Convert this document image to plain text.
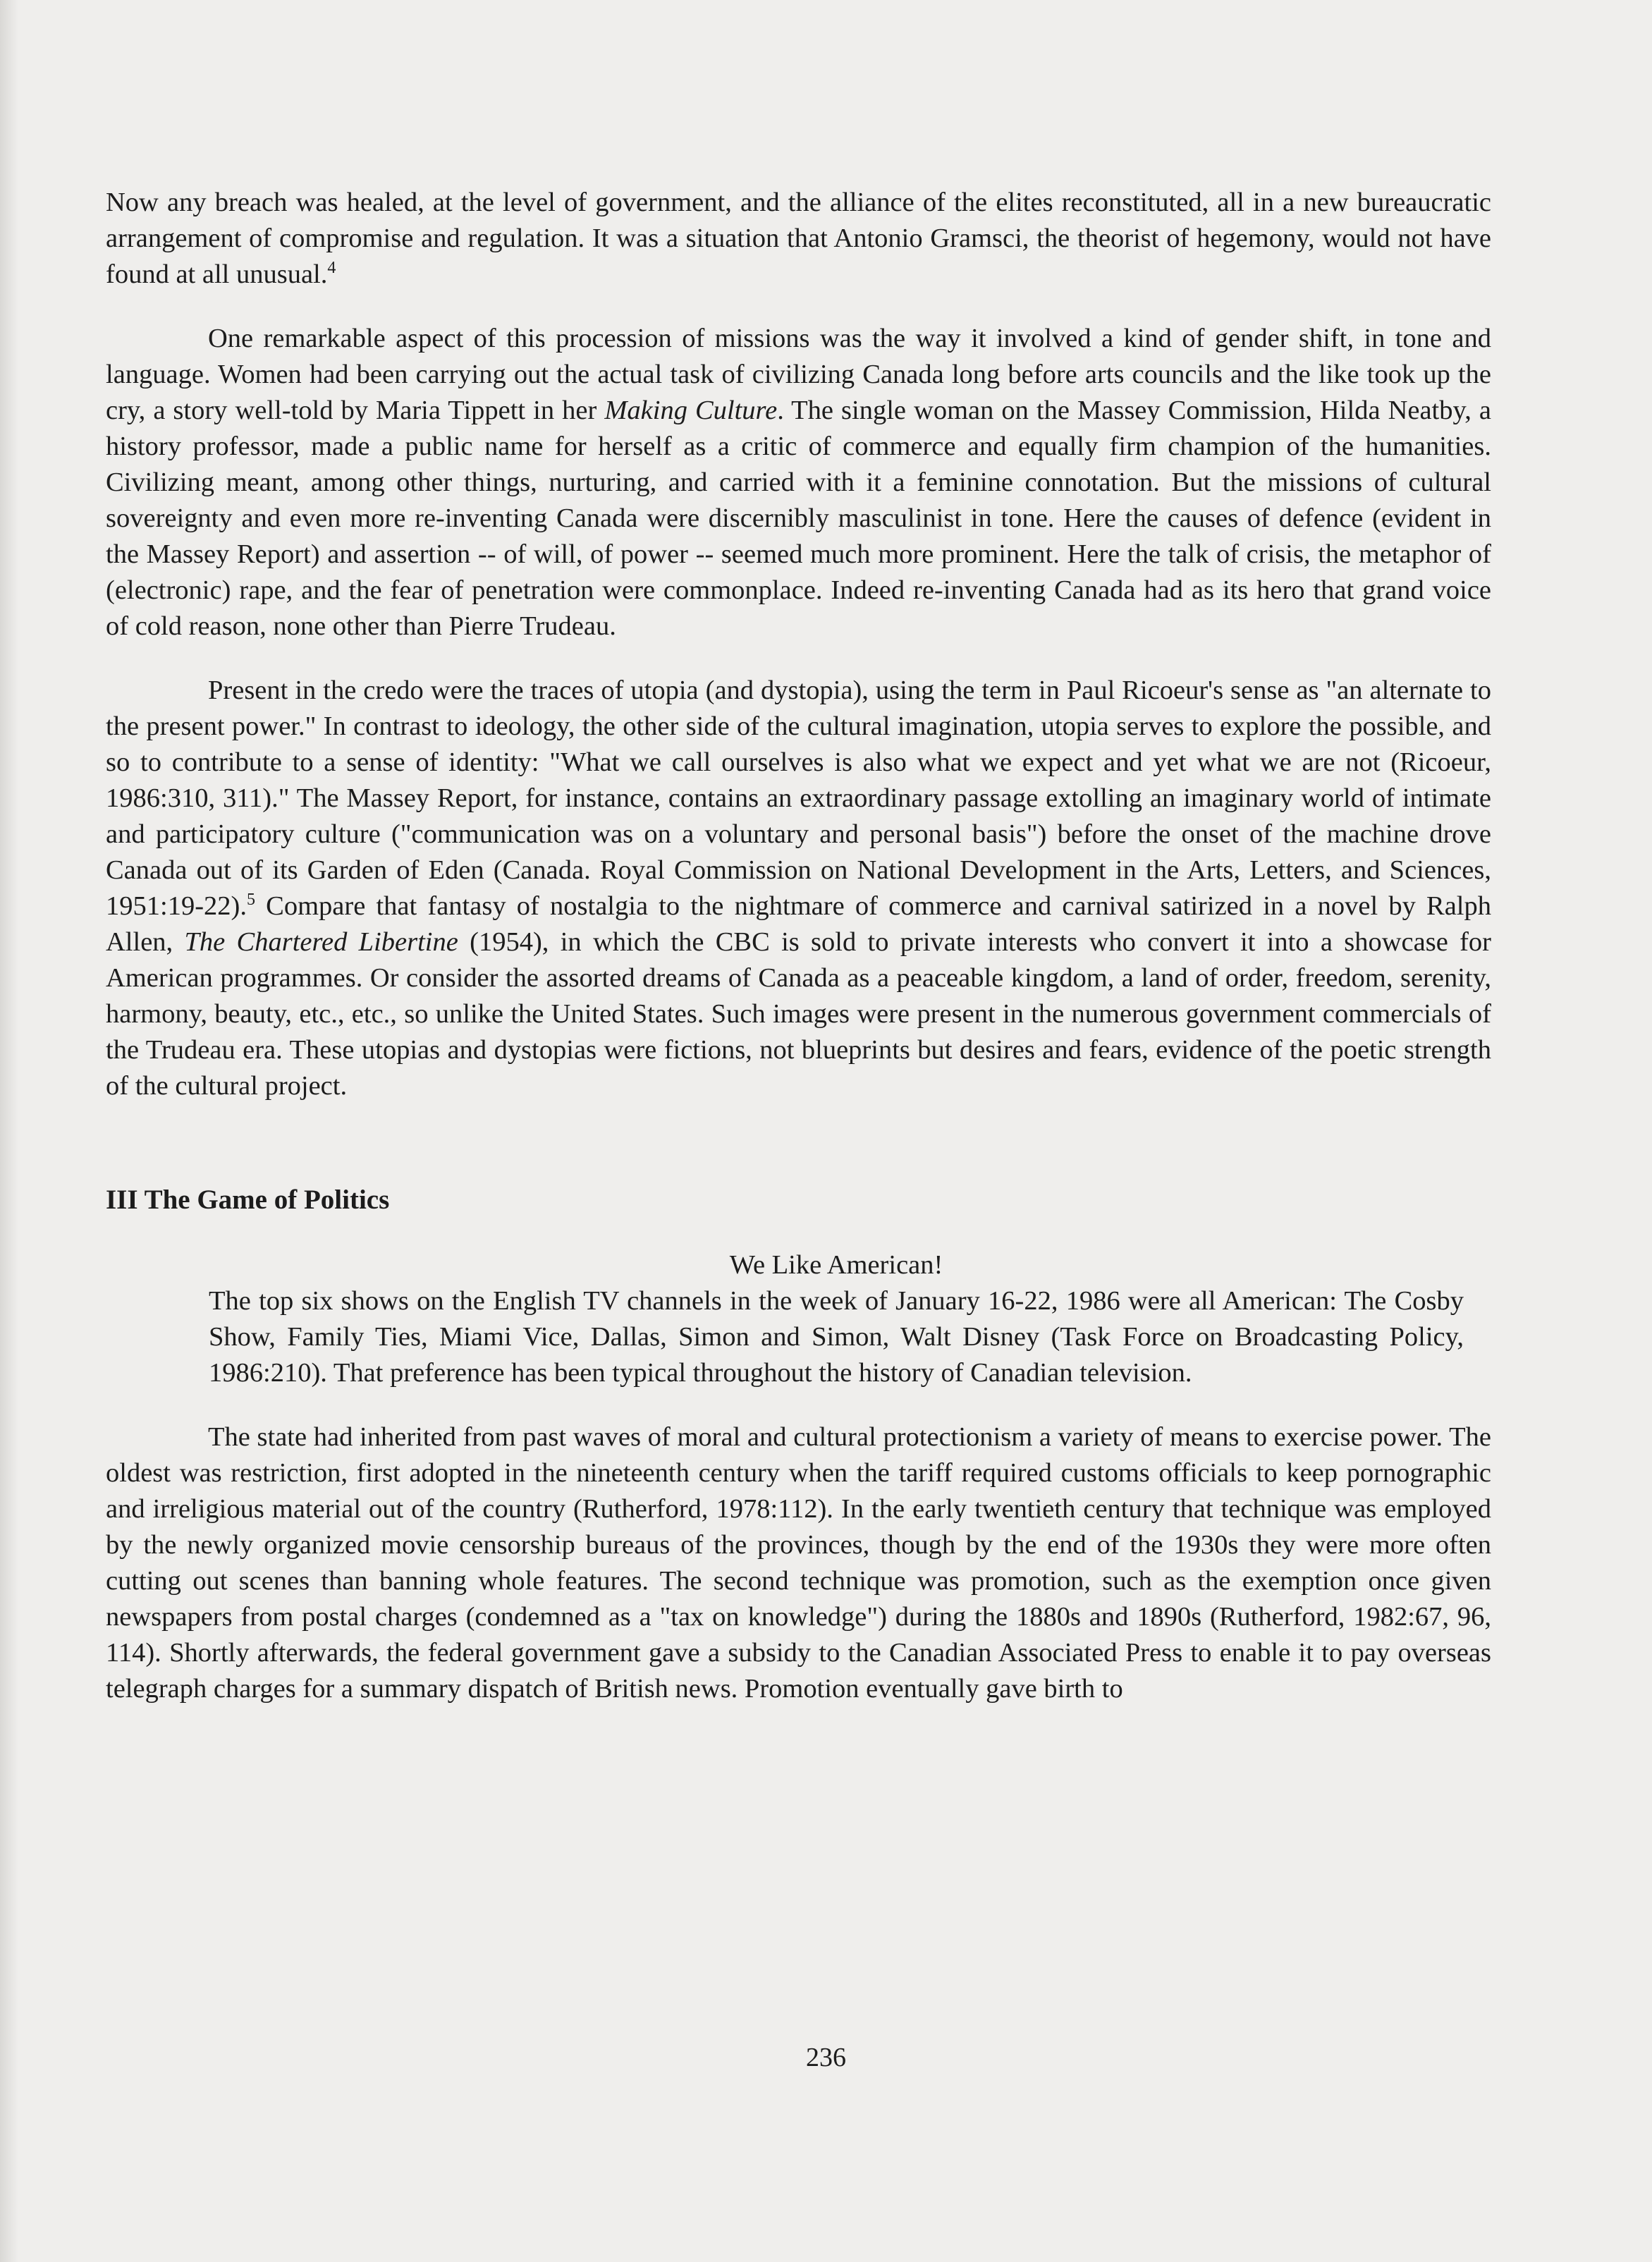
Now any breach was healed, at the level of government, and the alliance of the elites reconstituted, all in a new bureaucratic arrangement of compromise and regulation. It was a situation that Antonio Gramsci, the theorist of hegemony, would not have found at all unusual.$^4$

One remarkable aspect of this procession of missions was the way it involved a kind of gender shift, in tone and language. Women had been carrying out the actual task of civilizing Canada long before arts councils and the like took up the cry, a story well-told by Maria Tippett in her Making Culture. The single woman on the Massey Commission, Hilda Neatby, a history professor, made a public name for herself as a critic of commerce and equally firm champion of the humanities. Civilizing meant, among other things, nurturing, and carried with it a feminine connotation. But the missions of cultural sovereignty and even more re-inventing Canada were discernibly masculinist in tone. Here the causes of defence (evident in the Massey Report) and assertion -- of will, of power -- seemed much more prominent. Here the talk of crisis, the metaphor of (electronic) rape, and the fear of penetration were commonplace. Indeed re-inventing Canada had as its hero that grand voice of cold reason, none other than Pierre Trudeau.

Present in the credo were the traces of utopia (and dystopia), using the term in Paul Ricoeur's sense as "an alternate to the present power." In contrast to ideology, the other side of the cultural imagination, utopia serves to explore the possible, and so to contribute to a sense of identity: "What we call ourselves is also what we expect and yet what we are not (Ricoeur, 1986:310, 311)." The Massey Report, for instance, contains an extraordinary passage extolling an imaginary world of intimate and participatory culture ("communication was on a voluntary and personal basis") before the onset of the machine drove Canada out of its Garden of Eden (Canada. Royal Commission on National Development in the Arts, Letters, and Sciences, 1951:19-22).$^5$ Compare that fantasy of nostalgia to the nightmare of commerce and carnival satirized in a novel by Ralph Allen, The Chartered Libertine (1954), in which the CBC is sold to private interests who convert it into a showcase for American programmes. Or consider the assorted dreams of Canada as a peaceable kingdom, a land of order, freedom, serenity, harmony, beauty, etc., etc., so unlike the United States. Such images were present in the numerous government commercials of the Trudeau era. These utopias and dystopias were fictions, not blueprints but desires and fears, evidence of the poetic strength of the cultural project.

III The Game of Politics

We Like American!

The top six shows on the English TV channels in the week of January 16-22, 1986 were all American: The Cosby Show, Family Ties, Miami Vice, Dallas, Simon and Simon, Walt Disney (Task Force on Broadcasting Policy, 1986:210). That preference has been typical throughout the history of Canadian television.

The state had inherited from past waves of moral and cultural protectionism a variety of means to exercise power. The oldest was restriction, first adopted in the nineteenth century when the tariff required customs officials to keep pornographic and irreligious material out of the country (Rutherford, 1978:112). In the early twentieth century that technique was employed by the newly organized movie censorship bureaus of the provinces, though by the end of the 1930s they were more often cutting out scenes than banning whole features. The second technique was promotion, such as the exemption once given newspapers from postal charges (condemned as a "tax on knowledge") during the 1880s and 1890s (Rutherford, 1982:67, 96, 114). Shortly afterwards, the federal government gave a subsidy to the Canadian Associated Press to enable it to pay overseas telegraph charges for a summary dispatch of British news. Promotion eventually gave birth to

236
